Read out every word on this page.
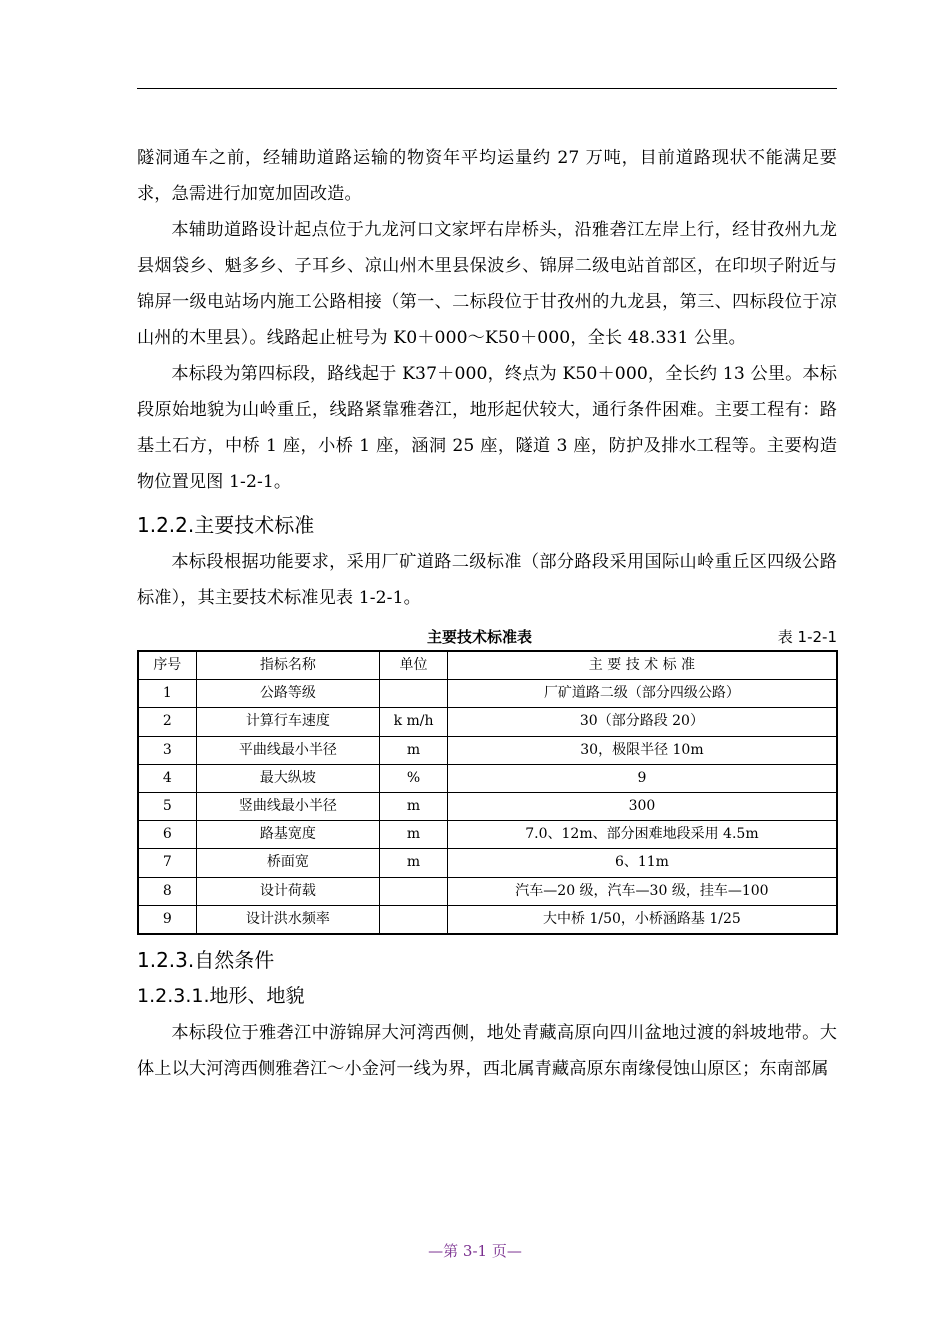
隧洞通车之前，经辅助道路运输的物资年平均运量约 27 万吨，目前道路现状不能满足要求，急需进行加宽加固改造。

本辅助道路设计起点位于九龙河口文家坪右岸桥头，沿雅砻江左岸上行，经甘孜州九龙县烟袋乡、魁多乡、子耳乡、凉山州木里县保波乡、锦屏二级电站首部区，在印坝子附近与锦屏一级电站场内施工公路相接（第一、二标段位于甘孜州的九龙县，第三、四标段位于凉山州的木里县）。线路起止桩号为 K0＋000～K50＋000，全长 48.331 公里。

本标段为第四标段，路线起于 K37＋000，终点为 K50＋000，全长约 13 公里。本标段原始地貌为山岭重丘，线路紧靠雅砻江，地形起伏较大，通行条件困难。主要工程有：路基土石方，中桥 1 座，小桥 1 座，涵洞 25 座，隧道 3 座，防护及排水工程等。主要构造物位置见图 1-2-1。

1.2.2.主要技术标准

本标段根据功能要求，采用厂矿道路二级标准（部分路段采用国际山岭重丘区四级公路标准），其主要技术标准见表 1-2-1。

主要技术标准表	表 1-2-1
序号	指标名称	单位	主 要 技 术 标 准
1	公路等级		厂矿道路二级（部分四级公路）
2	计算行车速度	k m/h	30（部分路段 20）
3	平曲线最小半径	m	30，极限半径 10m
4	最大纵坡	%	9
5	竖曲线最小半径	m	300
6	路基宽度	m	7.0、12m、部分困难地段采用 4.5m
7	桥面宽	m	6、11m
8	设计荷载		汽车—20 级，汽车—30 级，挂车—100
9	设计洪水频率		大中桥 1/50，小桥涵路基 1/25
1.2.3.自然条件
1.2.3.1.地形、地貌

本标段位于雅砻江中游锦屏大河湾西侧，地处青藏高原向四川盆地过渡的斜坡地带。大体上以大河湾西侧雅砻江～小金河一线为界，西北属青藏高原东南缘侵蚀山原区；东南部属

—第 3-1 页—
